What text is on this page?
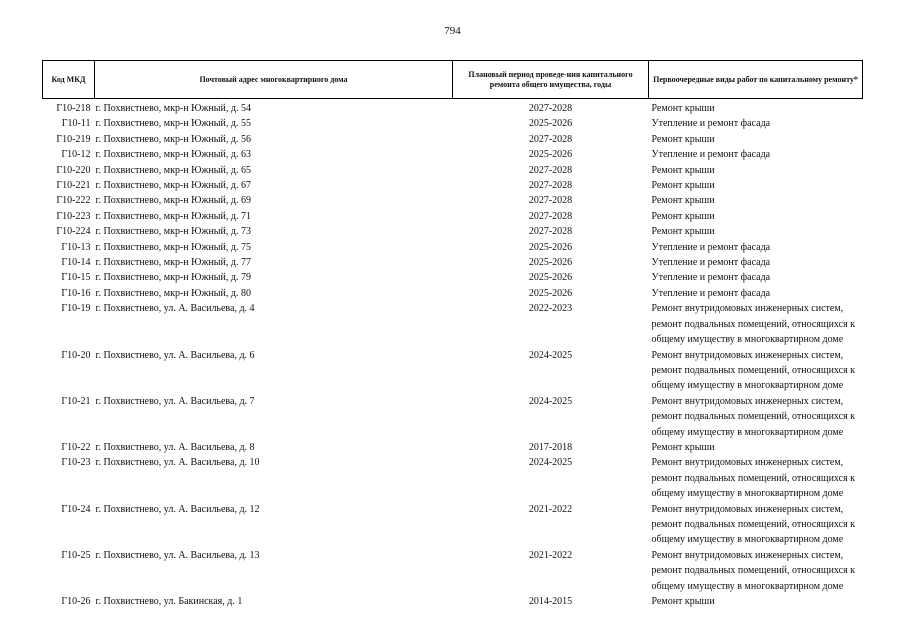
794
Код МКД	Почтовый адрес многоквартирного дома	Плановый период проведе-ния капитального ремонта общего имущества, годы	Первоочередные виды работ по капитальному ремонту*
Г10-218	г. Похвистнево, мкр-н Южный, д. 54	2027-2028	Ремонт крыши
Г10-11	г. Похвистнево, мкр-н Южный, д. 55	2025-2026	Утепление и ремонт фасада
Г10-219	г. Похвистнево, мкр-н Южный, д. 56	2027-2028	Ремонт крыши
Г10-12	г. Похвистнево, мкр-н Южный, д. 63	2025-2026	Утепление и ремонт фасада
Г10-220	г. Похвистнево, мкр-н Южный, д. 65	2027-2028	Ремонт крыши
Г10-221	г. Похвистнево, мкр-н Южный, д. 67	2027-2028	Ремонт крыши
Г10-222	г. Похвистнево, мкр-н Южный, д. 69	2027-2028	Ремонт крыши
Г10-223	г. Похвистнево, мкр-н Южный, д. 71	2027-2028	Ремонт крыши
Г10-224	г. Похвистнево, мкр-н Южный, д. 73	2027-2028	Ремонт крыши
Г10-13	г. Похвистнево, мкр-н Южный, д. 75	2025-2026	Утепление и ремонт фасада
Г10-14	г. Похвистнево, мкр-н Южный, д. 77	2025-2026	Утепление и ремонт фасада
Г10-15	г. Похвистнево, мкр-н Южный, д. 79	2025-2026	Утепление и ремонт фасада
Г10-16	г. Похвистнево, мкр-н Южный, д. 80	2025-2026	Утепление и ремонт фасада
Г10-19	г. Похвистнево, ул. А. Васильева, д. 4	2022-2023	Ремонт внутридомовых инженерных систем, ремонт подвальных помещений, относящихся к общему имуществу в многоквартирном доме
Г10-20	г. Похвистнево, ул. А. Васильева, д. 6	2024-2025	Ремонт внутридомовых инженерных систем, ремонт подвальных помещений, относящихся к общему имуществу в многоквартирном доме
Г10-21	г. Похвистнево, ул. А. Васильева, д. 7	2024-2025	Ремонт внутридомовых инженерных систем, ремонт подвальных помещений, относящихся к общему имуществу в многоквартирном доме
Г10-22	г. Похвистнево, ул. А. Васильева, д. 8	2017-2018	Ремонт крыши
Г10-23	г. Похвистнево, ул. А. Васильева, д. 10	2024-2025	Ремонт внутридомовых инженерных систем, ремонт подвальных помещений, относящихся к общему имуществу в многоквартирном доме
Г10-24	г. Похвистнево, ул. А. Васильева, д. 12	2021-2022	Ремонт внутридомовых инженерных систем, ремонт подвальных помещений, относящихся к общему имуществу в многоквартирном доме
Г10-25	г. Похвистнево, ул. А. Васильева, д. 13	2021-2022	Ремонт внутридомовых инженерных систем, ремонт подвальных помещений, относящихся к общему имуществу в многоквартирном доме
Г10-26	г. Похвистнево, ул. Бакинская, д. 1	2014-2015	Ремонт крыши
